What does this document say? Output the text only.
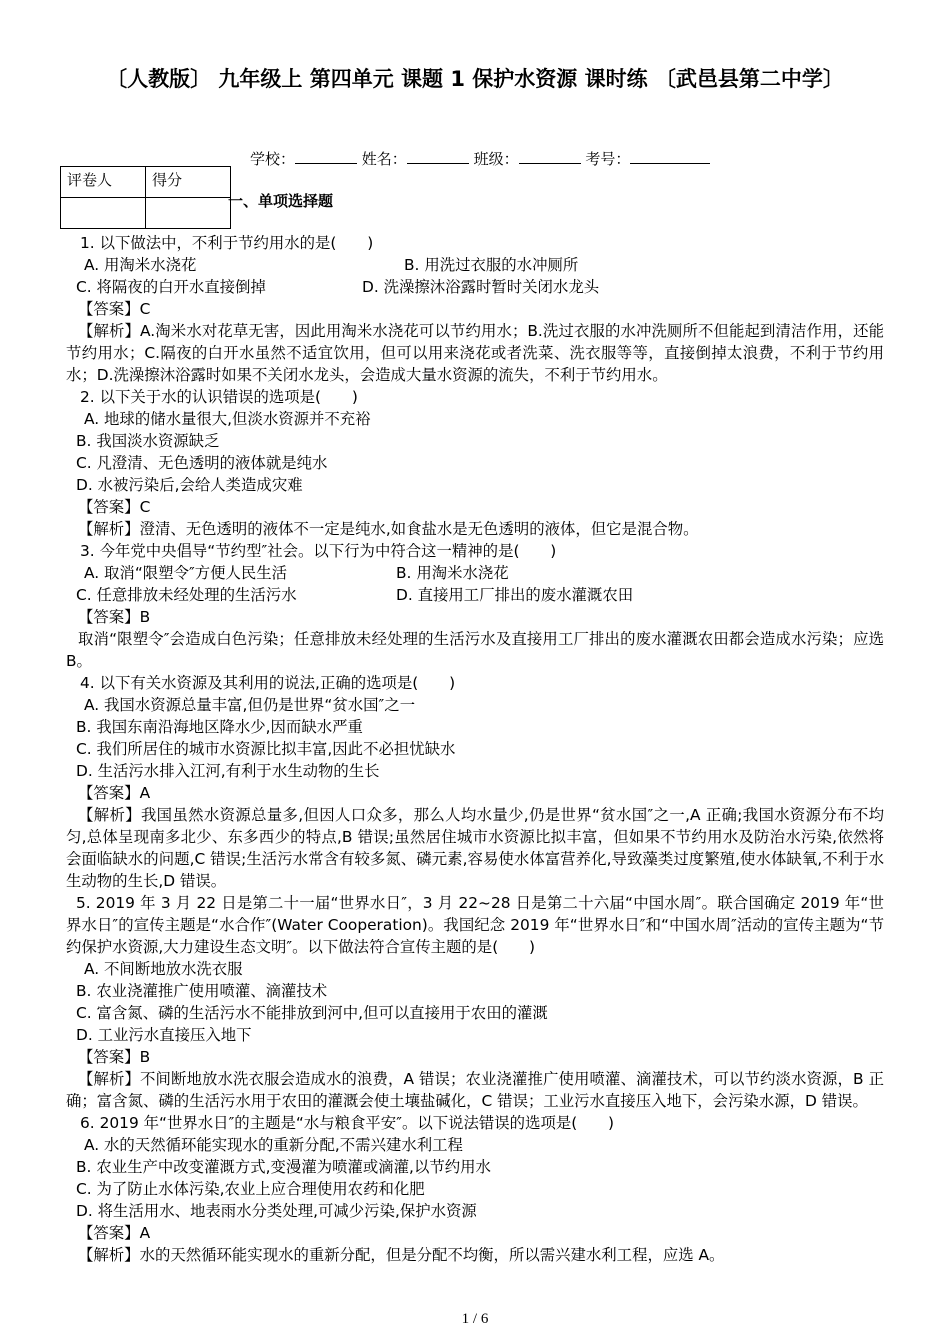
〔人教版〕 九年级上 第四单元 课题 1 保护水资源 课时练 〔武邑县第二中学〕
学校：	姓名：	班级：	考号：
评卷人	得分

一、单项选择题
1. 以下做法中，不利于节约用水的是(　　)
A. 用淘米水浇花	B. 用洗过衣服的水冲厕所
C. 将隔夜的白开水直接倒掉	D. 洗澡擦沐浴露时暂时关闭水龙头
【答案】C
【解析】A.淘米水对花草无害，因此用淘米水浇花可以节约用水；B.洗过衣服的水冲洗厕所不但能起到清洁作用，还能节约用水；C.隔夜的白开水虽然不适宜饮用，但可以用来浇花或者洗菜、洗衣服等等，直接倒掉太浪费，不利于节约用水；D.洗澡擦沐浴露时如果不关闭水龙头，会造成大量水资源的流失，不利于节约用水。
2. 以下关于水的认识错误的选项是(　　)
A. 地球的储水量很大,但淡水资源并不充裕
B. 我国淡水资源缺乏
C. 凡澄清、无色透明的液体就是纯水
D. 水被污染后,会给人类造成灾难
【答案】C
【解析】澄清、无色透明的液体不一定是纯水,如食盐水是无色透明的液体，但它是混合物。
3. 今年党中央倡导“节约型″社会。以下行为中符合这一精神的是(　　)
A. 取消“限塑令″方便人民生活	B. 用淘米水浇花
C. 任意排放未经处理的生活污水	D. 直接用工厂排出的废水灌溉农田
【答案】B
取消“限塑令″会造成白色污染；任意排放未经处理的生活污水及直接用工厂排出的废水灌溉农田都会造成水污染；应选 B。
4. 以下有关水资源及其利用的说法,正确的选项是(　　)
A. 我国水资源总量丰富,但仍是世界“贫水国″之一
B. 我国东南沿海地区降水少,因而缺水严重
C. 我们所居住的城市水资源比拟丰富,因此不必担忧缺水
D. 生活污水排入江河,有利于水生动物的生长
【答案】A
【解析】我国虽然水资源总量多,但因人口众多，那么人均水量少,仍是世界“贫水国″之一,A 正确;我国水资源分布不均匀,总体呈现南多北少、东多西少的特点,B 错误;虽然居住城市水资源比拟丰富，但如果不节约用水及防治水污染,依然将会面临缺水的问题,C 错误;生活污水常含有较多氮、磷元素,容易使水体富营养化,导致藻类过度繁殖,使水体缺氧,不利于水生动物的生长,D 错误。
5. 2019 年 3 月 22 日是第二十一届“世界水日″，3 月 22~28 日是第二十六届“中国水周″。联合国确定 2019 年“世界水日″的宣传主题是“水合作″(Water Cooperation)。我国纪念 2019 年“世界水日″和“中国水周″活动的宣传主题为“节约保护水资源,大力建设生态文明″。以下做法符合宣传主题的是(　　)
A. 不间断地放水洗衣服
B. 农业浇灌推广使用喷灌、滴灌技术
C. 富含氮、磷的生活污水不能排放到河中,但可以直接用于农田的灌溉
D. 工业污水直接压入地下
【答案】B
【解析】不间断地放水洗衣服会造成水的浪费，A 错误；农业浇灌推广使用喷灌、滴灌技术，可以节约淡水资源，B 正确；富含氮、磷的生活污水用于农田的灌溉会使土壤盐碱化，C 错误；工业污水直接压入地下，会污染水源，D 错误。
6. 2019 年“世界水日″的主题是“水与粮食平安″。以下说法错误的选项是(　　)
A. 水的天然循环能实现水的重新分配,不需兴建水利工程
B. 农业生产中改变灌溉方式,变漫灌为喷灌或滴灌,以节约用水
C. 为了防止水体污染,农业上应合理使用农药和化肥
D. 将生活用水、地表雨水分类处理,可减少污染,保护水资源
【答案】A
【解析】水的天然循环能实现水的重新分配，但是分配不均衡，所以需兴建水利工程，应选 A。
1 / 6
